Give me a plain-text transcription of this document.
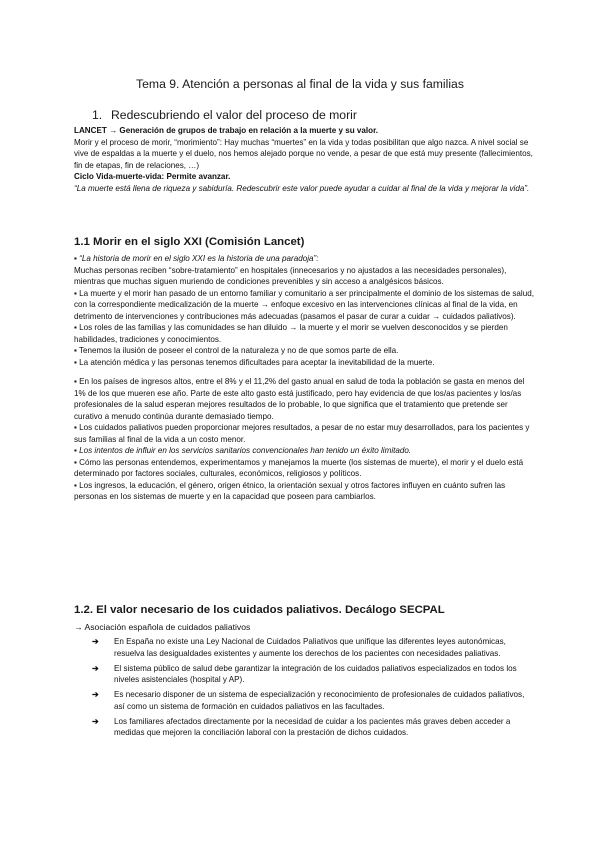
Tema 9. Atención a personas al final de la vida y sus familias
1. Redescubriendo el valor del proceso de morir

LANCET → Generación de grupos de trabajo en relación a la muerte y su valor.

Morir y el proceso de morir, “morimiento”: Hay muchas “muertes” en la vida y todas posibilitan que algo nazca. A nivel social se vive de espaldas a la muerte y el duelo, nos hemos alejado porque no vende, a pesar de que está muy presente (fallecimientos, fin de etapas, fin de relaciones, …)

Ciclo Vida-muerte-vida: Permite avanzar.

“La muerte está llena de riqueza y sabiduría. Redescubrir este valor puede ayudar a cuidar al final de la vida y mejorar la vida”.

1.1 Morir en el siglo XXI (Comisión Lancet)

▪ “La historia de morir en el siglo XXI es la historia de una paradoja”:

Muchas personas reciben “sobre-tratamiento” en hospitales (innecesarios y no ajustados a las necesidades personales), mientras que muchas siguen muriendo de condiciones prevenibles y sin acceso a analgésicos básicos.

▪ La muerte y el morir han pasado de un entorno familiar y comunitario a ser principalmente el dominio de los sistemas de salud, con la correspondiente medicalización de la muerte → enfoque excesivo en las intervenciones clínicas al final de la vida, en detrimento de intervenciones y contribuciones más adecuadas (pasamos el pasar de curar a cuidar → cuidados paliativos).

▪ Los roles de las familias y las comunidades se han diluido → la muerte y el morir se vuelven desconocidos y se pierden habilidades, tradiciones y conocimientos.

▪ Tenemos la ilusión de poseer el control de la naturaleza y no de que somos parte de ella.

▪ La atención médica y las personas tenemos dificultades para aceptar la inevitabilidad de la muerte.

▪ En los países de ingresos altos, entre el 8% y el 11,2% del gasto anual en salud de toda la población se gasta en menos del 1% de los que mueren ese año. Parte de este alto gasto está justificado, pero hay evidencia de que los/as pacientes y los/as profesionales de la salud esperan mejores resultados de lo probable, lo que significa que el tratamiento que pretende ser curativo a menudo continúa durante demasiado tiempo.

▪ Los cuidados paliativos pueden proporcionar mejores resultados, a pesar de no estar muy desarrollados, para los pacientes y sus familias al final de la vida a un costo menor.

▪ Los intentos de influir en los servicios sanitarios convencionales han tenido un éxito limitado.

▪ Cómo las personas entendemos, experimentamos y manejamos la muerte (los sistemas de muerte), el morir y el duelo está determinado por factores sociales, culturales, económicos, religiosos y políticos.

▪ Los ingresos, la educación, el género, origen étnico, la orientación sexual y otros factores influyen en cuánto sufren las personas en los sistemas de muerte y en la capacidad que poseen para cambiarlos.

1.2. El valor necesario de los cuidados paliativos. Decálogo SECPAL
→ Asociación española de cuidados paliativos
➔ En España no existe una Ley Nacional de Cuidados Paliativos que unifique las diferentes leyes autonómicas, resuelva las desigualdades existentes y aumente los derechos de los pacientes con necesidades paliativas.
➔ El sistema público de salud debe garantizar la integración de los cuidados paliativos especializados en todos los niveles asistenciales (hospital y AP).
➔ Es necesario disponer de un sistema de especialización y reconocimiento de profesionales de cuidados paliativos, así como un sistema de formación en cuidados paliativos en las facultades.
➔ Los familiares afectados directamente por la necesidad de cuidar a los pacientes más graves deben acceder a medidas que mejoren la conciliación laboral con la prestación de dichos cuidados.
